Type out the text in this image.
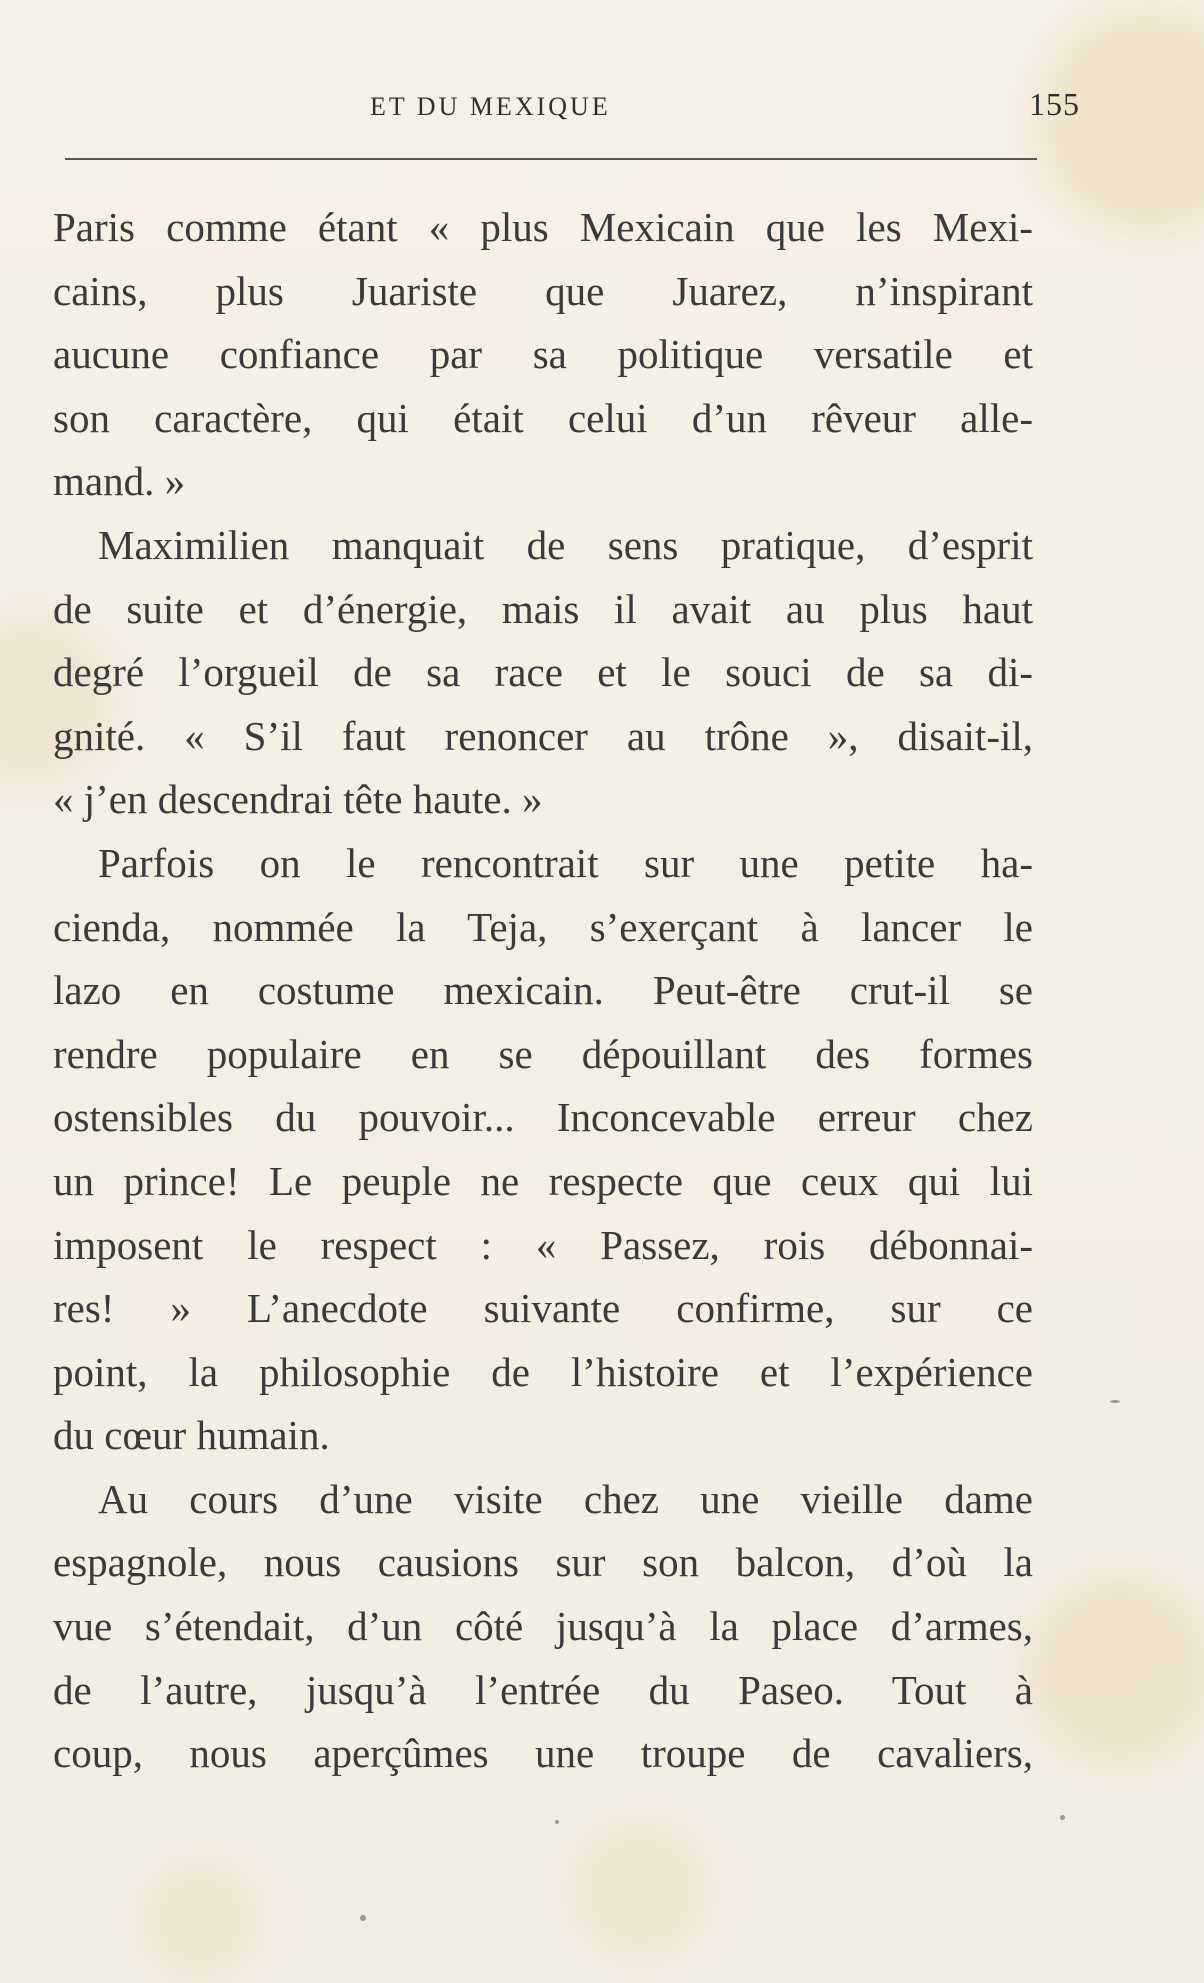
ET DU MEXIQUE	155
Paris comme étant « plus Mexicain que les Mexi-
cains, plus Juariste que Juarez, n’inspirant
aucune confiance par sa politique versatile et
son caractère, qui était celui d’un rêveur alle-
mand. »
Maximilien manquait de sens pratique, d’esprit
de suite et d’énergie, mais il avait au plus haut
degré l’orgueil de sa race et le souci de sa di-
gnité. « S’il faut renoncer au trône », disait-il,
« j’en descendrai tête haute. »
Parfois on le rencontrait sur une petite ha-
cienda, nommée la Teja, s’exerçant à lancer le
lazo en costume mexicain. Peut-être crut-il se
rendre populaire en se dépouillant des formes
ostensibles du pouvoir... Inconcevable erreur chez
un prince! Le peuple ne respecte que ceux qui lui
imposent le respect : « Passez, rois débonnai-
res! » L’anecdote suivante confirme, sur ce
point, la philosophie de l’histoire et l’expérience
du cœur humain.
Au cours d’une visite chez une vieille dame
espagnole, nous causions sur son balcon, d’où la
vue s’étendait, d’un côté jusqu’à la place d’armes,
de l’autre, jusqu’à l’entrée du Paseo. Tout à
coup, nous aperçûmes une troupe de cavaliers,
